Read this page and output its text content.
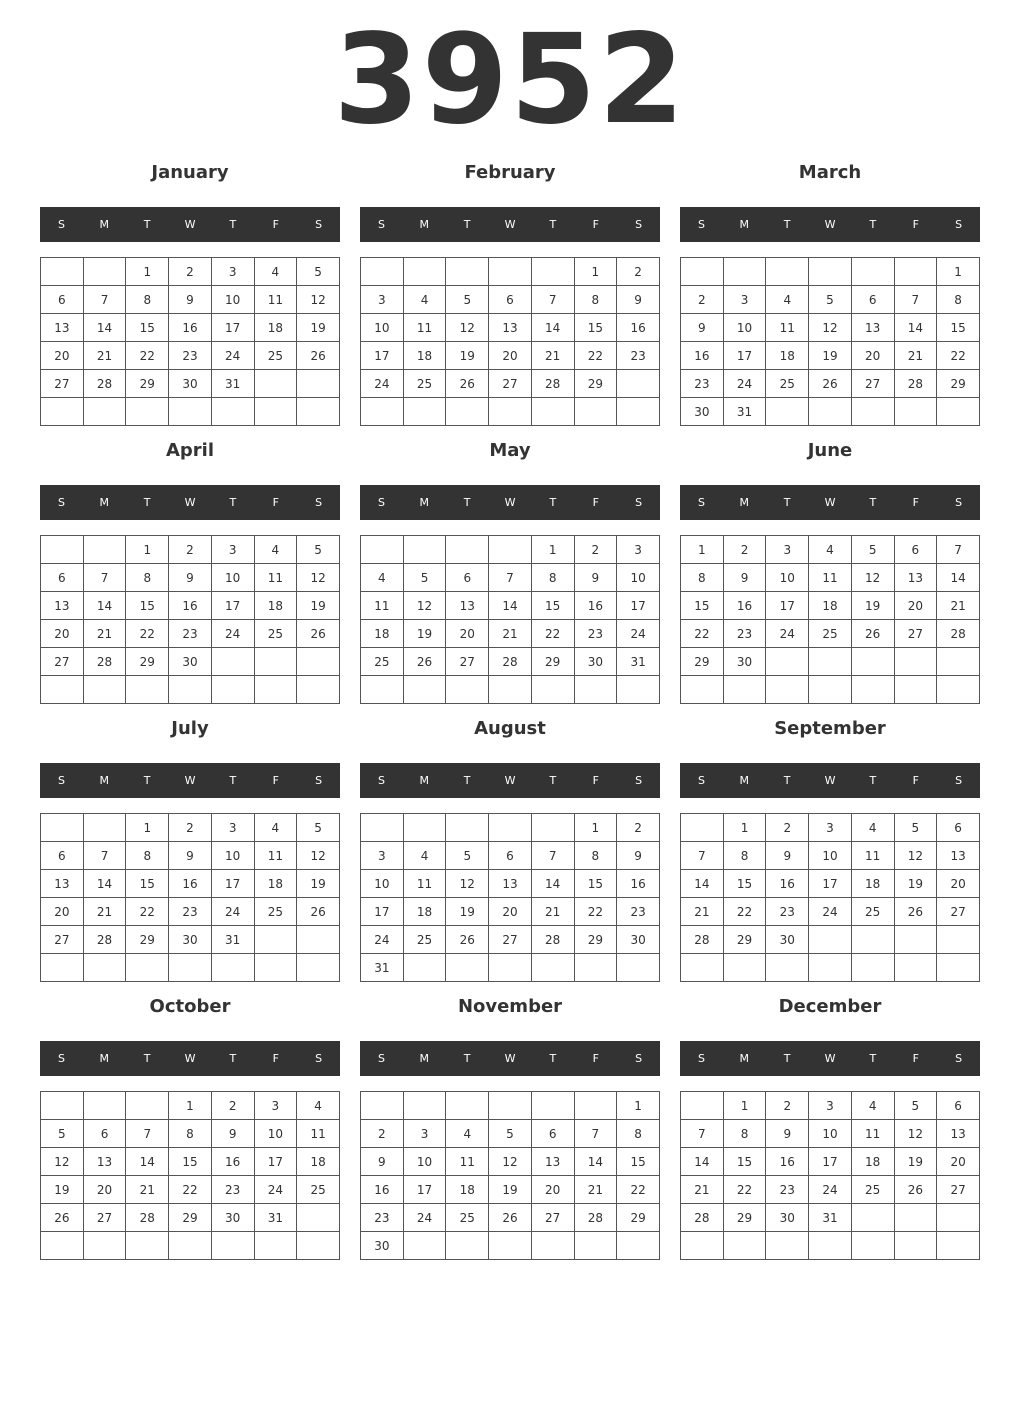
3952
January
S	M	T	W	T	F	S
		1	2	3	4	5
6	7	8	9	10	11	12
13	14	15	16	17	18	19
20	21	22	23	24	25	26
27	28	29	30	31		

February
S	M	T	W	T	F	S
					1	2
3	4	5	6	7	8	9
10	11	12	13	14	15	16
17	18	19	20	21	22	23
24	25	26	27	28	29	

March
S	M	T	W	T	F	S
						1
2	3	4	5	6	7	8
9	10	11	12	13	14	15
16	17	18	19	20	21	22
23	24	25	26	27	28	29
30	31					
April
S	M	T	W	T	F	S
		1	2	3	4	5
6	7	8	9	10	11	12
13	14	15	16	17	18	19
20	21	22	23	24	25	26
27	28	29	30			

May
S	M	T	W	T	F	S
				1	2	3
4	5	6	7	8	9	10
11	12	13	14	15	16	17
18	19	20	21	22	23	24
25	26	27	28	29	30	31

June
S	M	T	W	T	F	S
1	2	3	4	5	6	7
8	9	10	11	12	13	14
15	16	17	18	19	20	21
22	23	24	25	26	27	28
29	30					

July
S	M	T	W	T	F	S
		1	2	3	4	5
6	7	8	9	10	11	12
13	14	15	16	17	18	19
20	21	22	23	24	25	26
27	28	29	30	31		

August
S	M	T	W	T	F	S
					1	2
3	4	5	6	7	8	9
10	11	12	13	14	15	16
17	18	19	20	21	22	23
24	25	26	27	28	29	30
31						
September
S	M	T	W	T	F	S
	1	2	3	4	5	6
7	8	9	10	11	12	13
14	15	16	17	18	19	20
21	22	23	24	25	26	27
28	29	30				

October
S	M	T	W	T	F	S
			1	2	3	4
5	6	7	8	9	10	11
12	13	14	15	16	17	18
19	20	21	22	23	24	25
26	27	28	29	30	31	

November
S	M	T	W	T	F	S
						1
2	3	4	5	6	7	8
9	10	11	12	13	14	15
16	17	18	19	20	21	22
23	24	25	26	27	28	29
30						
December
S	M	T	W	T	F	S
	1	2	3	4	5	6
7	8	9	10	11	12	13
14	15	16	17	18	19	20
21	22	23	24	25	26	27
28	29	30	31			
